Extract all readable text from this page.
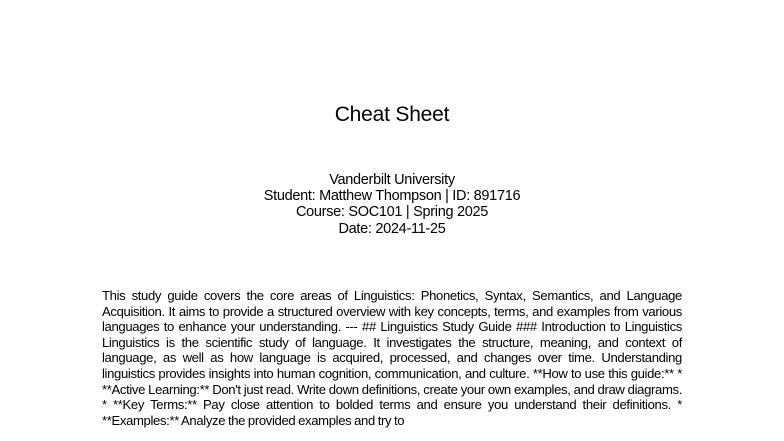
Cheat Sheet
Vanderbilt University
Student: Matthew Thompson | ID: 891716
Course: SOC101 | Spring 2025
Date: 2024-11-25
This study guide covers the core areas of Linguistics: Phonetics, Syntax, Semantics, and Language Acquisition. It aims to provide a structured overview with key concepts, terms, and examples from various languages to enhance your understanding. --- ## Linguistics Study Guide ### Introduction to Linguistics Linguistics is the scientific study of language. It investigates the structure, meaning, and context of language, as well as how language is acquired, processed, and changes over time. Understanding linguistics provides insights into human cognition, communication, and culture. **How to use this guide:** * **Active Learning:** Don't just read. Write down definitions, create your own examples, and draw diagrams. * **Key Terms:** Pay close attention to bolded terms and ensure you understand their definitions. * **Examples:** Analyze the provided examples and try to
